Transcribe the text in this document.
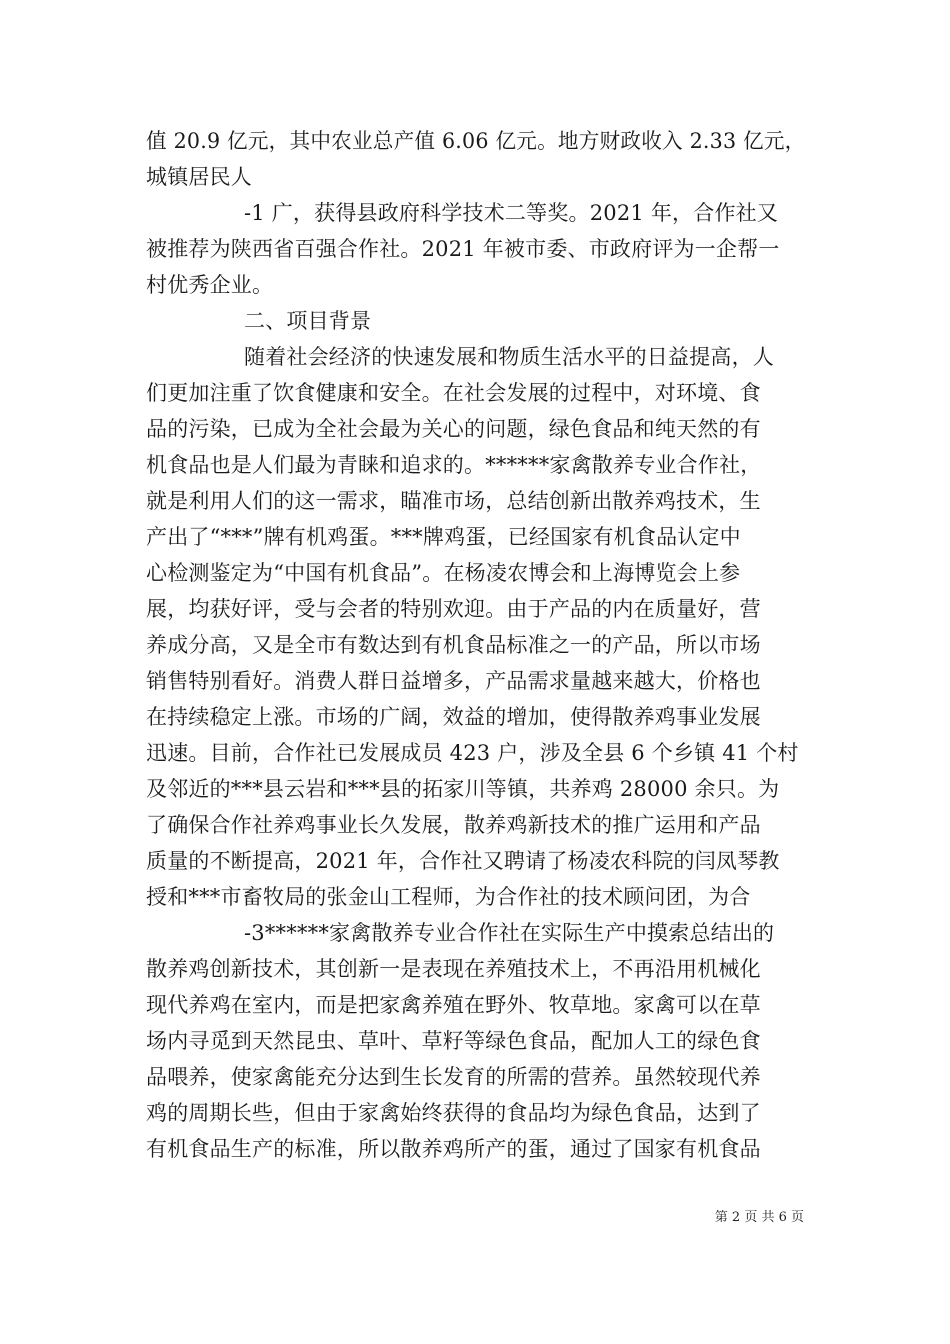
值 20.9 亿元，其中农业总产值 6.06 亿元。地方财政收入 2.33 亿元，
城镇居民人
-1 广，获得县政府科学技术二等奖。2021 年，合作社又
被推荐为陕西省百强合作社。2021 年被市委、市政府评为一企帮一
村优秀企业。
二、项目背景
随着社会经济的快速发展和物质生活水平的日益提高，人
们更加注重了饮食健康和安全。在社会发展的过程中，对环境、食
品的污染，已成为全社会最为关心的问题，绿色食品和纯天然的有
机食品也是人们最为青睐和追求的。******家禽散养专业合作社，
就是利用人们的这一需求，瞄准市场，总结创新出散养鸡技术，生
产出了“***”牌有机鸡蛋。***牌鸡蛋，已经国家有机食品认定中
心检测鉴定为“中国有机食品”。在杨凌农博会和上海博览会上参
展，均获好评，受与会者的特别欢迎。由于产品的内在质量好，营
养成分高，又是全市有数达到有机食品标准之一的产品，所以市场
销售特别看好。消费人群日益增多，产品需求量越来越大，价格也
在持续稳定上涨。市场的广阔，效益的增加，使得散养鸡事业发展
迅速。目前，合作社已发展成员 423 户，涉及全县 6 个乡镇 41 个村
及邻近的***县云岩和***县的拓家川等镇，共养鸡 28000 余只。为
了确保合作社养鸡事业长久发展，散养鸡新技术的推广运用和产品
质量的不断提高，2021 年，合作社又聘请了杨凌农科院的闫凤琴教
授和***市畜牧局的张金山工程师，为合作社的技术顾问团，为合
-3******家禽散养专业合作社在实际生产中摸索总结出的
散养鸡创新技术，其创新一是表现在养殖技术上，不再沿用机械化
现代养鸡在室内，而是把家禽养殖在野外、牧草地。家禽可以在草
场内寻觅到天然昆虫、草叶、草籽等绿色食品，配加人工的绿色食
品喂养，使家禽能充分达到生长发育的所需的营养。虽然较现代养
鸡的周期长些，但由于家禽始终获得的食品均为绿色食品，达到了
有机食品生产的标准，所以散养鸡所产的蛋，通过了国家有机食品
第 2 页 共 6 页
